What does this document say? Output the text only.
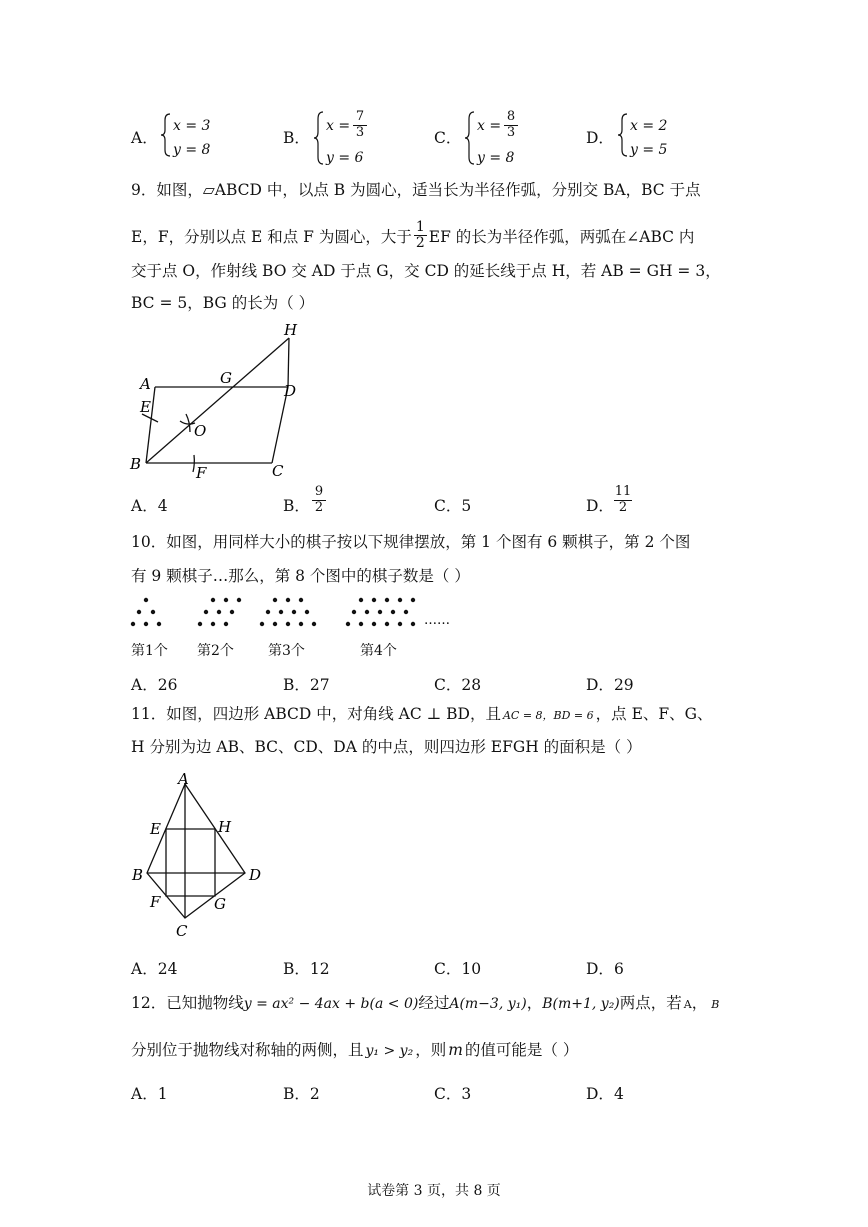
A．
x = 3
y = 8
B．
$x = \frac{7}{3}$
y = 6
C．
$x = \frac{8}{3}$
y = 8
D．
x = 2
y = 5
9．如图，▱ABCD 中，以点 B 为圆心，适当长为半径作弧，分别交 BA，BC 于点
E，F，分别以点 E 和点 F 为圆心，大于 $\frac{1}{2}$ EF 的长为半径作弧，两弧在∠ABC 内
交于点 O，作射线 BO 交 AD 于点 G，交 CD 的延长线于点 H，若 AB = GH = 3，
BC = 5，BG 的长为（ ）
A
B	C
D
E
F
G
H
O
A．4	B． $\frac{9}{2}$	C．5	D． $\frac{11}{2}$
10．如图，用同样大小的棋子按以下规律摆放，第 1 个图有 6 颗棋子，第 2 个图
有 9 颗棋子…那么，第 8 个图中的棋子数是（ ）
……
第1个 第2个 第3个	第4个
A．26	B．27	C．28	D．29
11．如图，四边形 ABCD 中，对角线 AC ⊥ BD，且 AC = 8，BD = 6 ，点 E、F、G、
H 分别为边 AB、BC、CD、DA 的中点，则四边形 EFGH 的面积是（ ）
A
B
C
D
E
F	G
H
A．24	B．12	C．10	D．6
12．已知抛物线y = ax² − 4ax + b(a < 0)经过A(m−3, y₁)，B(m+1, y₂)两点，若 A， B
分别位于抛物线对称轴的两侧，且 y₁ > y₂ ，则 m 的值可能是（ ）
A．1	B．2	C．3	D．4
试卷第 3 页，共 8 页
